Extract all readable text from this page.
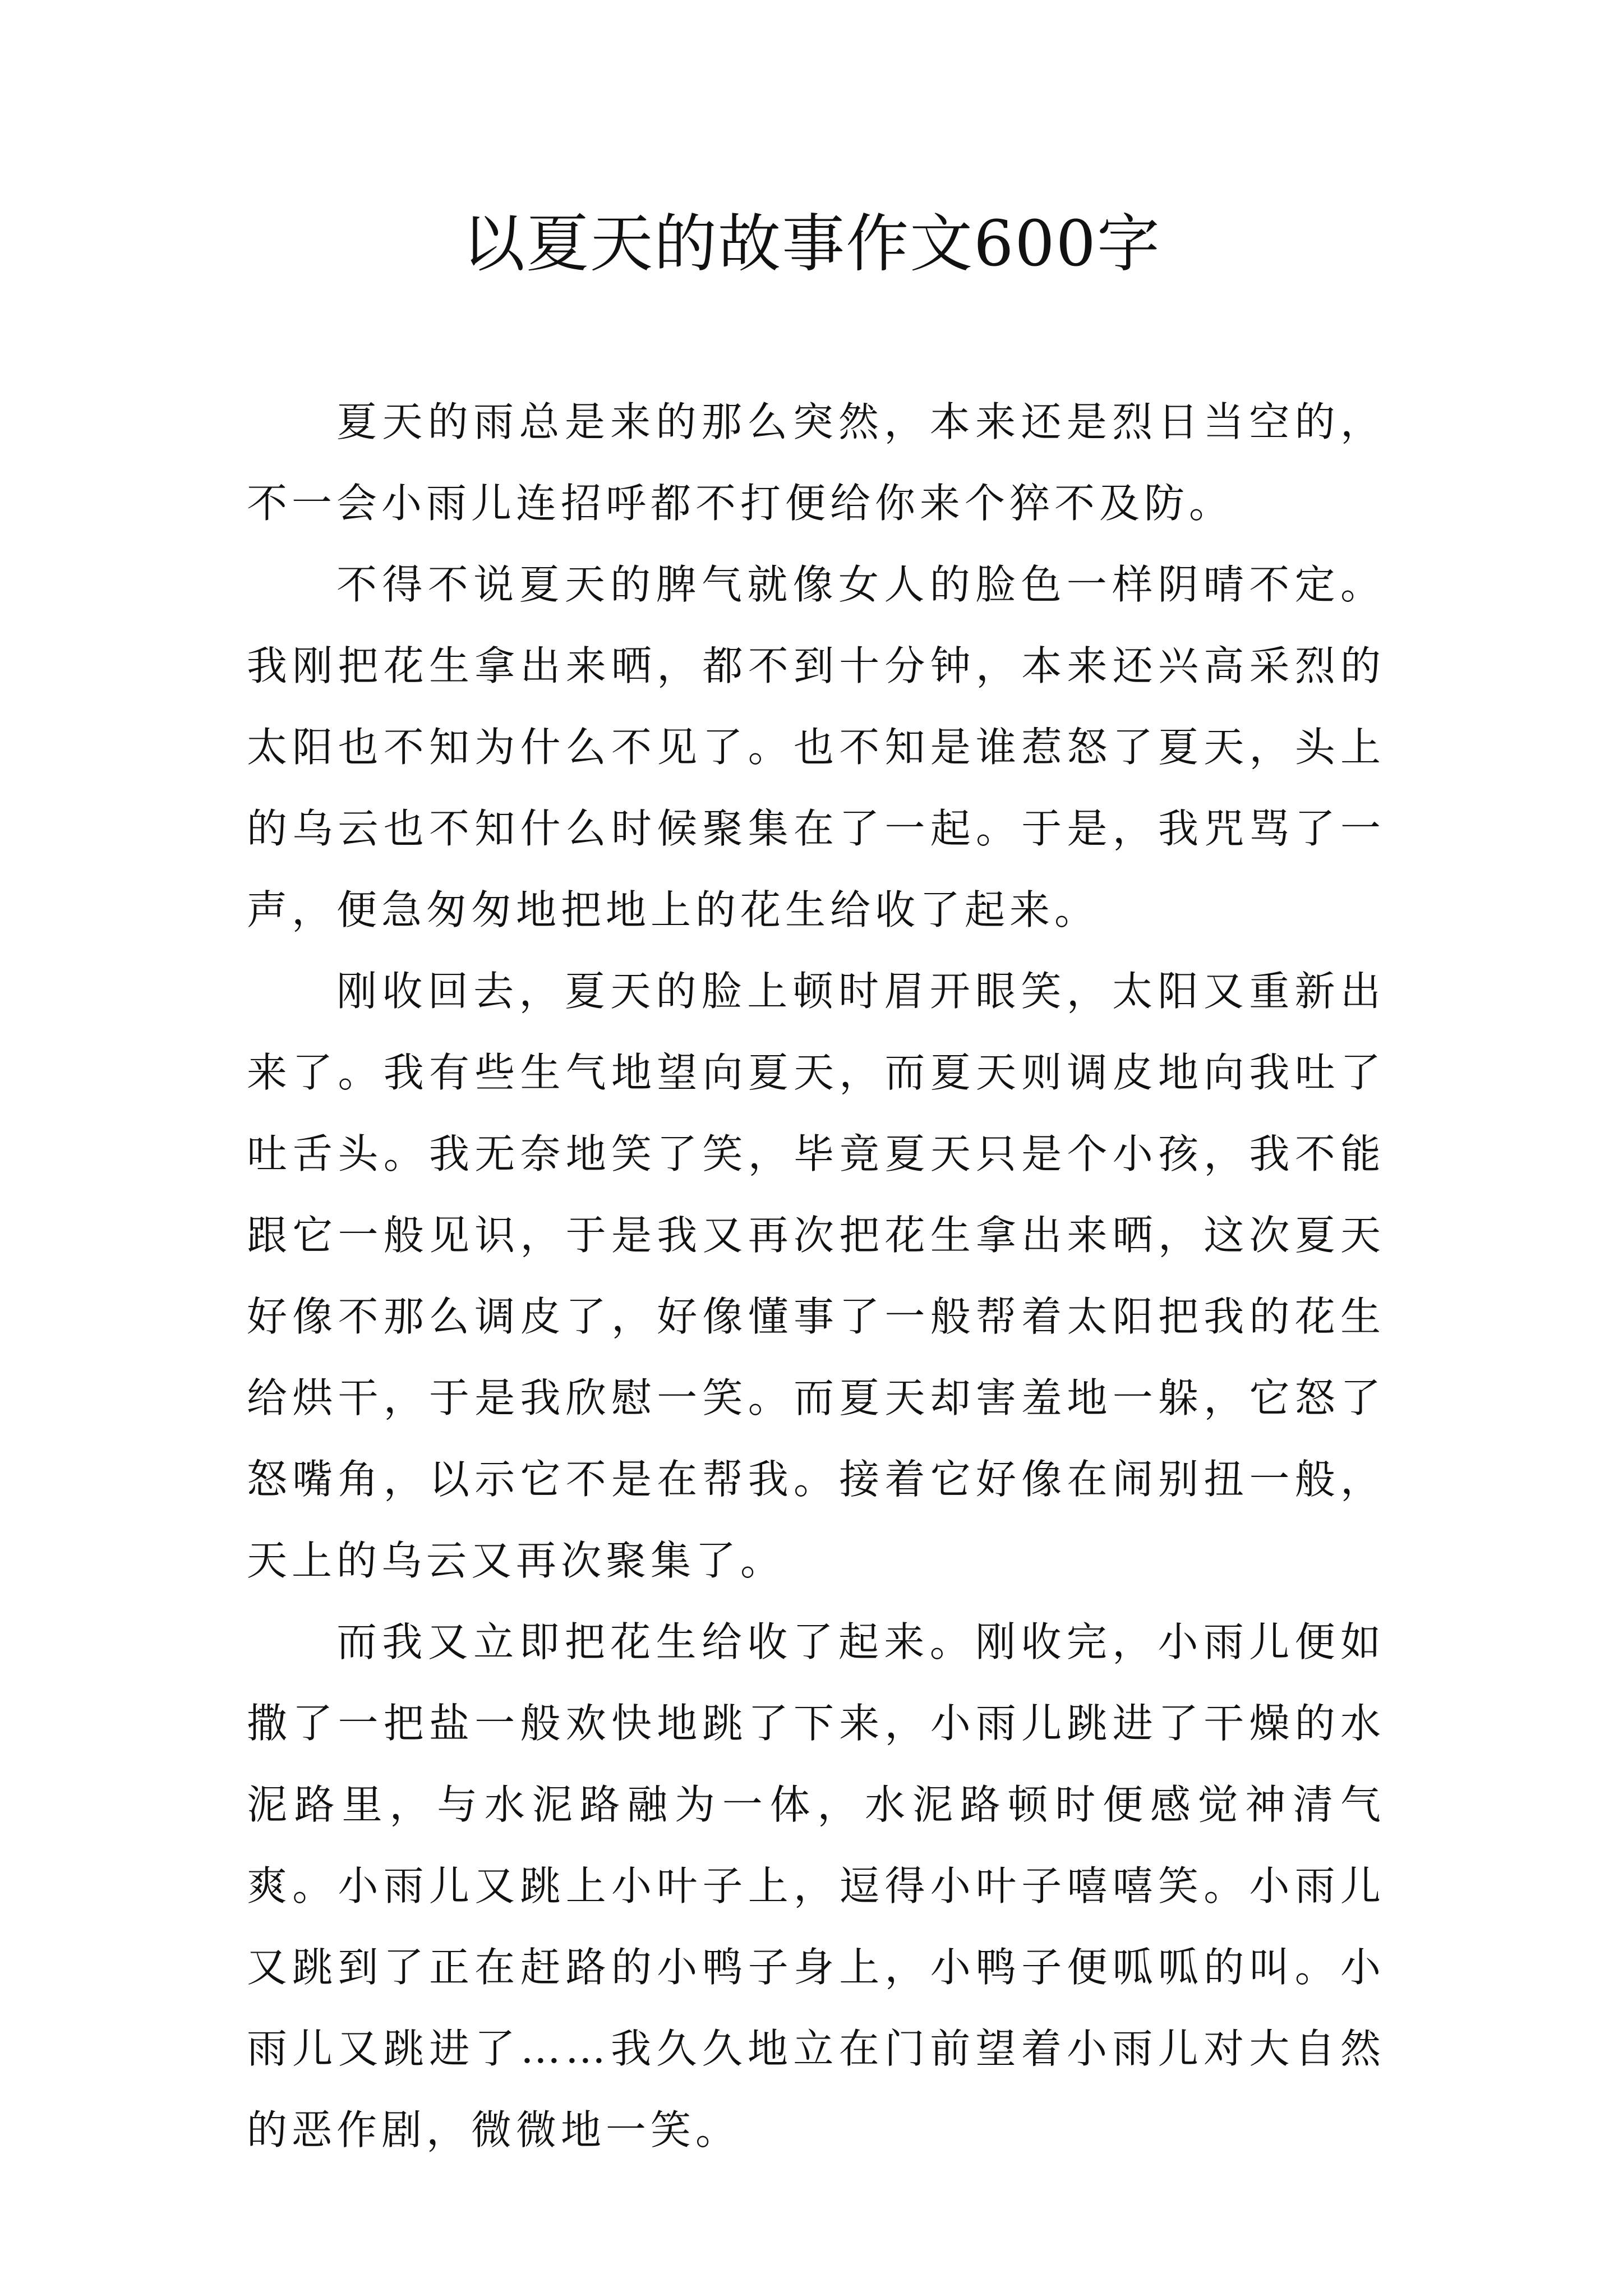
以夏天的故事作文600字

夏天的雨总是来的那么突然，本来还是烈日当空的，不一会小雨儿连招呼都不打便给你来个猝不及防。

不得不说夏天的脾气就像女人的脸色一样阴晴不定。我刚把花生拿出来晒，都不到十分钟，本来还兴高采烈的太阳也不知为什么不见了。也不知是谁惹怒了夏天，头上的乌云也不知什么时候聚集在了一起。于是，我咒骂了一声，便急匆匆地把地上的花生给收了起来。

刚收回去，夏天的脸上顿时眉开眼笑，太阳又重新出来了。我有些生气地望向夏天，而夏天则调皮地向我吐了吐舌头。我无奈地笑了笑，毕竟夏天只是个小孩，我不能跟它一般见识，于是我又再次把花生拿出来晒，这次夏天好像不那么调皮了，好像懂事了一般帮着太阳把我的花生给烘干，于是我欣慰一笑。而夏天却害羞地一躲，它怒了怒嘴角，以示它不是在帮我。接着它好像在闹别扭一般，天上的乌云又再次聚集了。

而我又立即把花生给收了起来。刚收完，小雨儿便如撒了一把盐一般欢快地跳了下来，小雨儿跳进了干燥的水泥路里，与水泥路融为一体，水泥路顿时便感觉神清气爽。小雨儿又跳上小叶子上，逗得小叶子嘻嘻笑。小雨儿又跳到了正在赶路的小鸭子身上，小鸭子便呱呱的叫。小雨儿又跳进了……我久久地立在门前望着小雨儿对大自然的恶作剧，微微地一笑。
